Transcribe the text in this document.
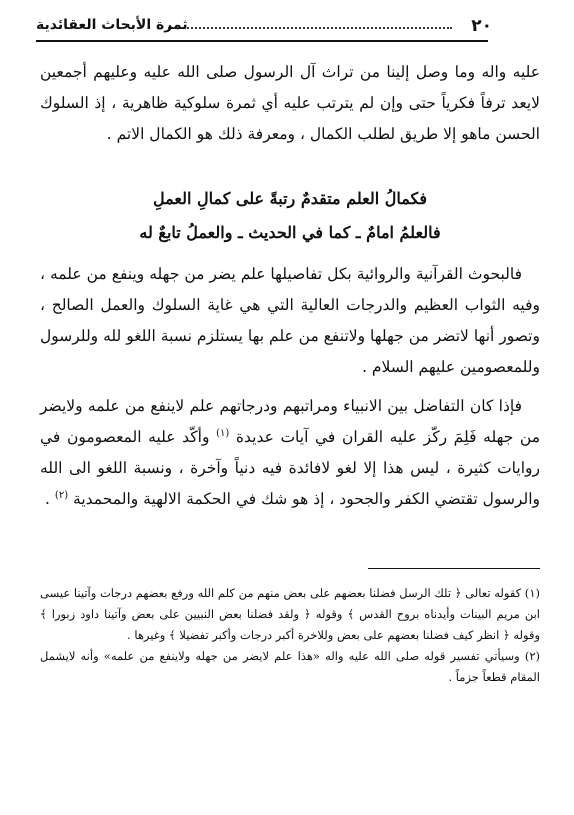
٢٠
ثمرة الأبحاث العقائدية

عليه واله وما وصل إلينا من تراث آل الرسول صلى الله عليه وعليهم أجمعين لايعد ترفاً فكرياً حتى وإن لم يترتب عليه أي ثمرة سلوكية ظاهرية ، إذ السلوك الحسن ماهو إلا طريق لطلب الكمال ، ومعرفة ذلك هو الكمال الاتم .

فكمالُ العلم متقدمٌ رتبةً على كمالِ العملِ
فالعلمُ امامٌ ـ كما في الحديث ـ والعملُ تابعٌ له

فالبحوث القرآنية والروائية بكل تفاصيلها علم يضر من جهله وينفع من علمه ، وفيه الثواب العظيم والدرجات العالية التي هي غاية السلوك والعمل الصالح ، وتصور أنها لاتضر من جهلها ولاتنفع من علم بها يستلزم نسبة اللغو لله وللرسول وللمعصومين عليهم السلام .

فإذا كان التفاضل بين الانبياء ومراتبهم ودرجاتهم علم لاينفع من علمه ولايضر من جهله فَلِمَ ركّز عليه القران في آيات عديدة $^{(١)}$ وأكّد عليه المعصومون في روايات كثيرة ، ليس هذا إلا لغو لافائدة فيه دنياً وآخرة ، ونسبة اللغو الى الله والرسول تقتضي الكفر والجحود ، إذ هو شك في الحكمة الالهية والمحمدية $^{(٢)}$ .

(١) كقوله تعالى ﴿ تلك الرسل فضلنا بعضهم على بعض منهم من كلم الله ورفع بعضهم درجات وآتينا عيسى ابن مريم البينات وأيدناه بروح القدس ﴾ وقوله ﴿ ولقد فضلنا بعض النبيين على بعض وآتينا داود زبورا ﴾ وقوله ﴿ انظر كيف فضلنا بعضهم على بعض وللاخرة أكبر درجات وأكبر تفضيلا ﴾ وغيرها .

(٢) وسيأتي تفسير قوله صلى الله عليه واله «هذا علم لايضر من جهله ولاينفع من علمه» وأنه لايشمل المقام قطعاً جزماً .
